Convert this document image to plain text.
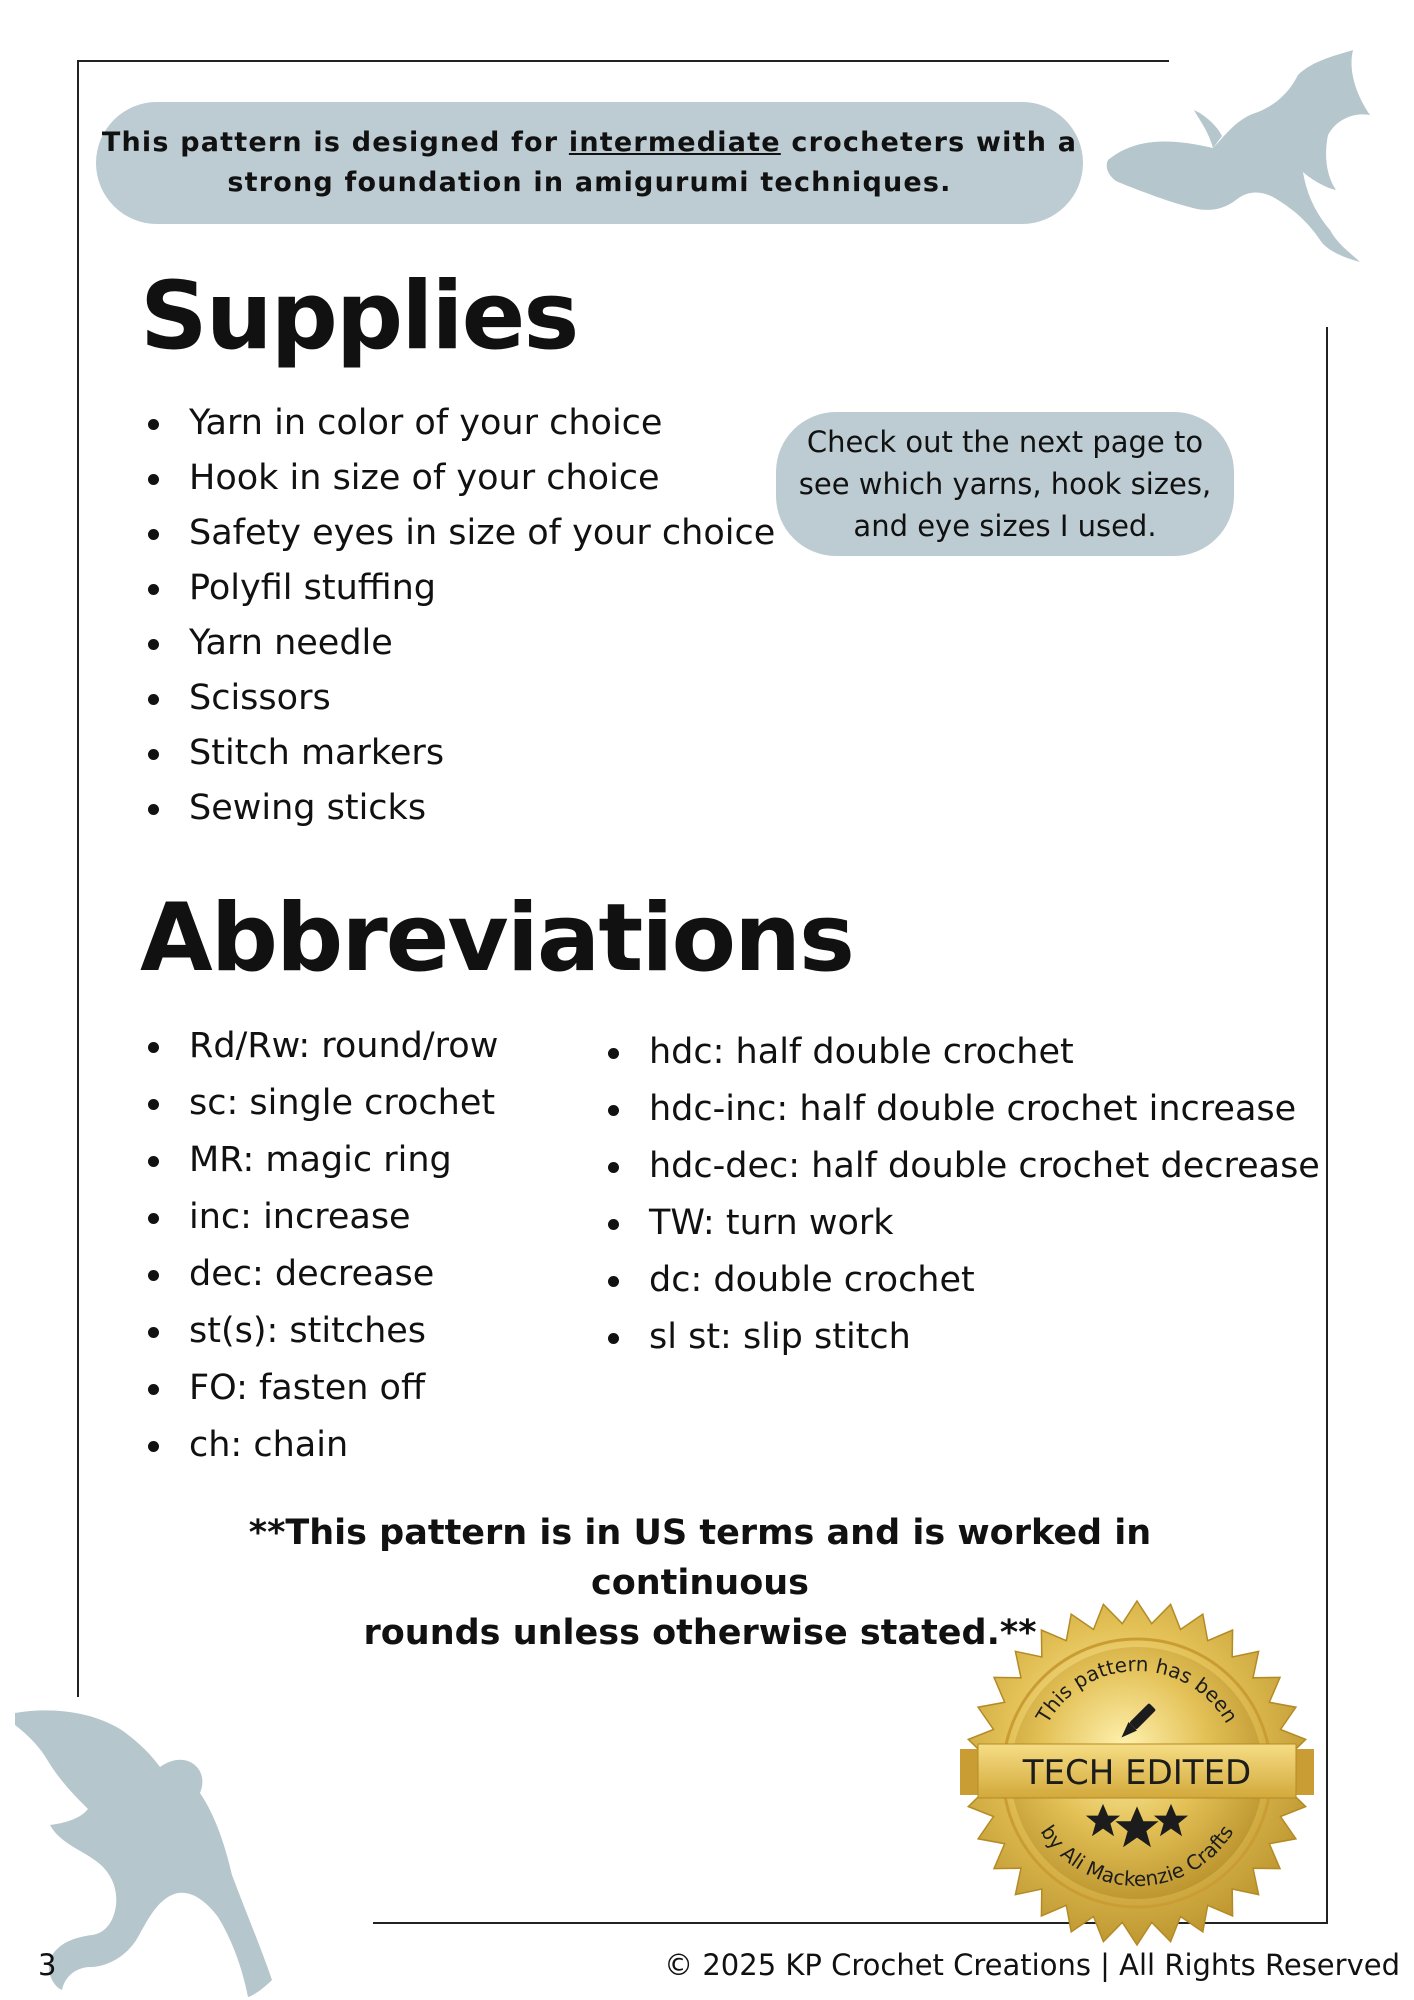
This pattern is designed for intermediate crocheters with a
strong foundation in amigurumi techniques.
Supplies
Yarn in color of your choice
Hook in size of your choice
Safety eyes in size of your choice
Polyfil stuffing
Yarn needle
Scissors
Stitch markers
Sewing sticks
Check out the next page to
see which yarns, hook sizes,
and eye sizes I used.
Abbreviations
Rd/Rw: round/row
sc: single crochet
MR: magic ring
inc: increase
dec: decrease
st(s): stitches
FO: fasten off
ch: chain
hdc: half double crochet
hdc-inc: half double crochet increase
hdc-dec: half double crochet decrease
TW: turn work
dc: double crochet
sl st: slip stitch
**This pattern is in US terms and is worked in continuous
rounds unless otherwise stated.**
This pattern has been
TECH EDITED
by Ali Mackenzie Crafts
3	© 2025 KP Crochet Creations | All Rights Reserved
